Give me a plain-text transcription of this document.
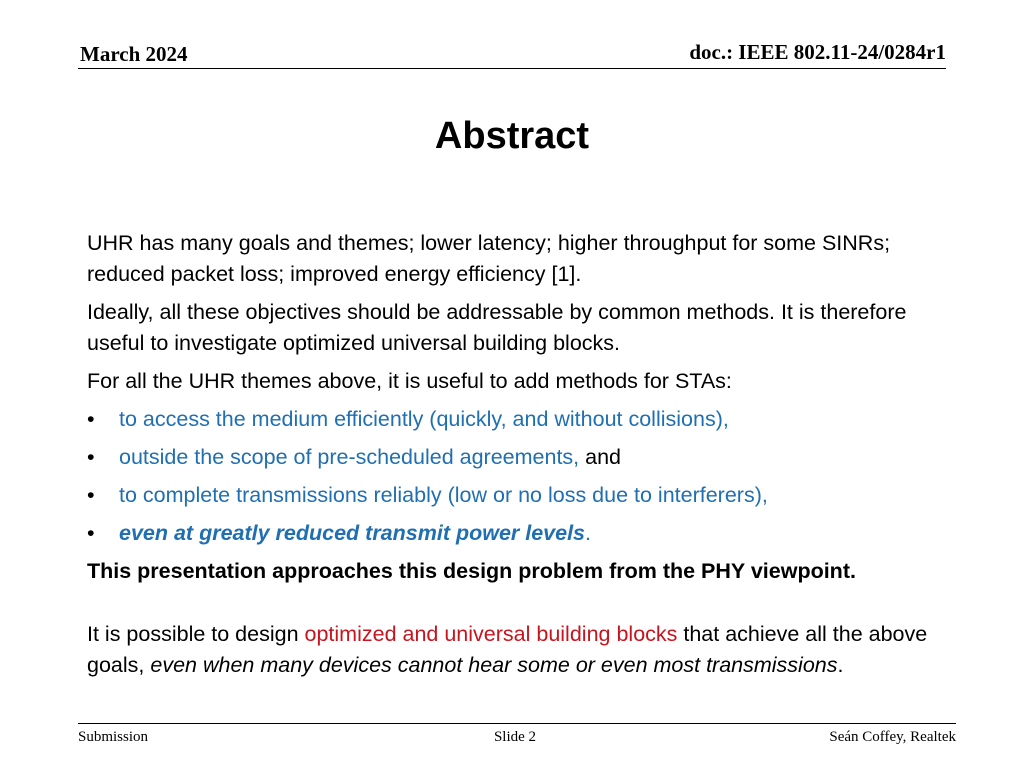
March 2024	doc.: IEEE 802.11-24/0284r1
Abstract

UHR has many goals and themes; lower latency; higher throughput for some SINRs; reduced packet loss; improved energy efficiency [1].

Ideally, all these objectives should be addressable by common methods. It is therefore useful to investigate optimized universal building blocks.

For all the UHR themes above, it is useful to add methods for STAs:

• to access the medium efficiently (quickly, and without collisions),
• outside the scope of pre-scheduled agreements, and
• to complete transmissions reliably (low or no loss due to interferers),
• even at greatly reduced transmit power levels.

This presentation approaches this design problem from the PHY viewpoint.

It is possible to design optimized and universal building blocks that achieve all the above goals, even when many devices cannot hear some or even most transmissions.

Submission	Slide 2	Seán Coffey, Realtek
